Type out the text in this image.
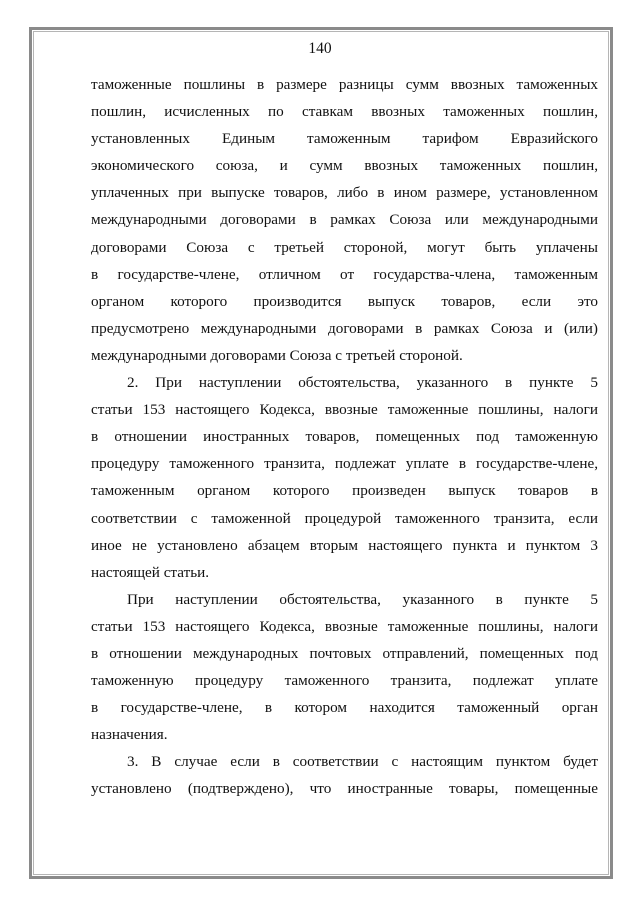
140
таможенные пошлины в размере разницы сумм ввозных таможенных
пошлин, исчисленных по ставкам ввозных таможенных пошлин,
установленных Единым таможенным тарифом Евразийского
экономического союза, и сумм ввозных таможенных пошлин,
уплаченных при выпуске товаров, либо в ином размере, установленном
международными договорами в рамках Союза или международными
договорами Союза с третьей стороной, могут быть уплачены
в государстве-члене, отличном от государства-члена, таможенным
органом которого производится выпуск товаров, если это
предусмотрено международными договорами в рамках Союза и (или)
международными договорами Союза с третьей стороной.
2. При наступлении обстоятельства, указанного в пункте 5
статьи 153 настоящего Кодекса, ввозные таможенные пошлины, налоги
в отношении иностранных товаров, помещенных под таможенную
процедуру таможенного транзита, подлежат уплате в государстве-члене,
таможенным органом которого произведен выпуск товаров в
соответствии с таможенной процедурой таможенного транзита, если
иное не установлено абзацем вторым настоящего пункта и пунктом 3
настоящей статьи.
При наступлении обстоятельства, указанного в пункте 5
статьи 153 настоящего Кодекса, ввозные таможенные пошлины, налоги
в отношении международных почтовых отправлений, помещенных под
таможенную процедуру таможенного транзита, подлежат уплате
в государстве-члене, в котором находится таможенный орган
назначения.
3. В случае если в соответствии с настоящим пунктом будет
установлено (подтверждено), что иностранные товары, помещенные
